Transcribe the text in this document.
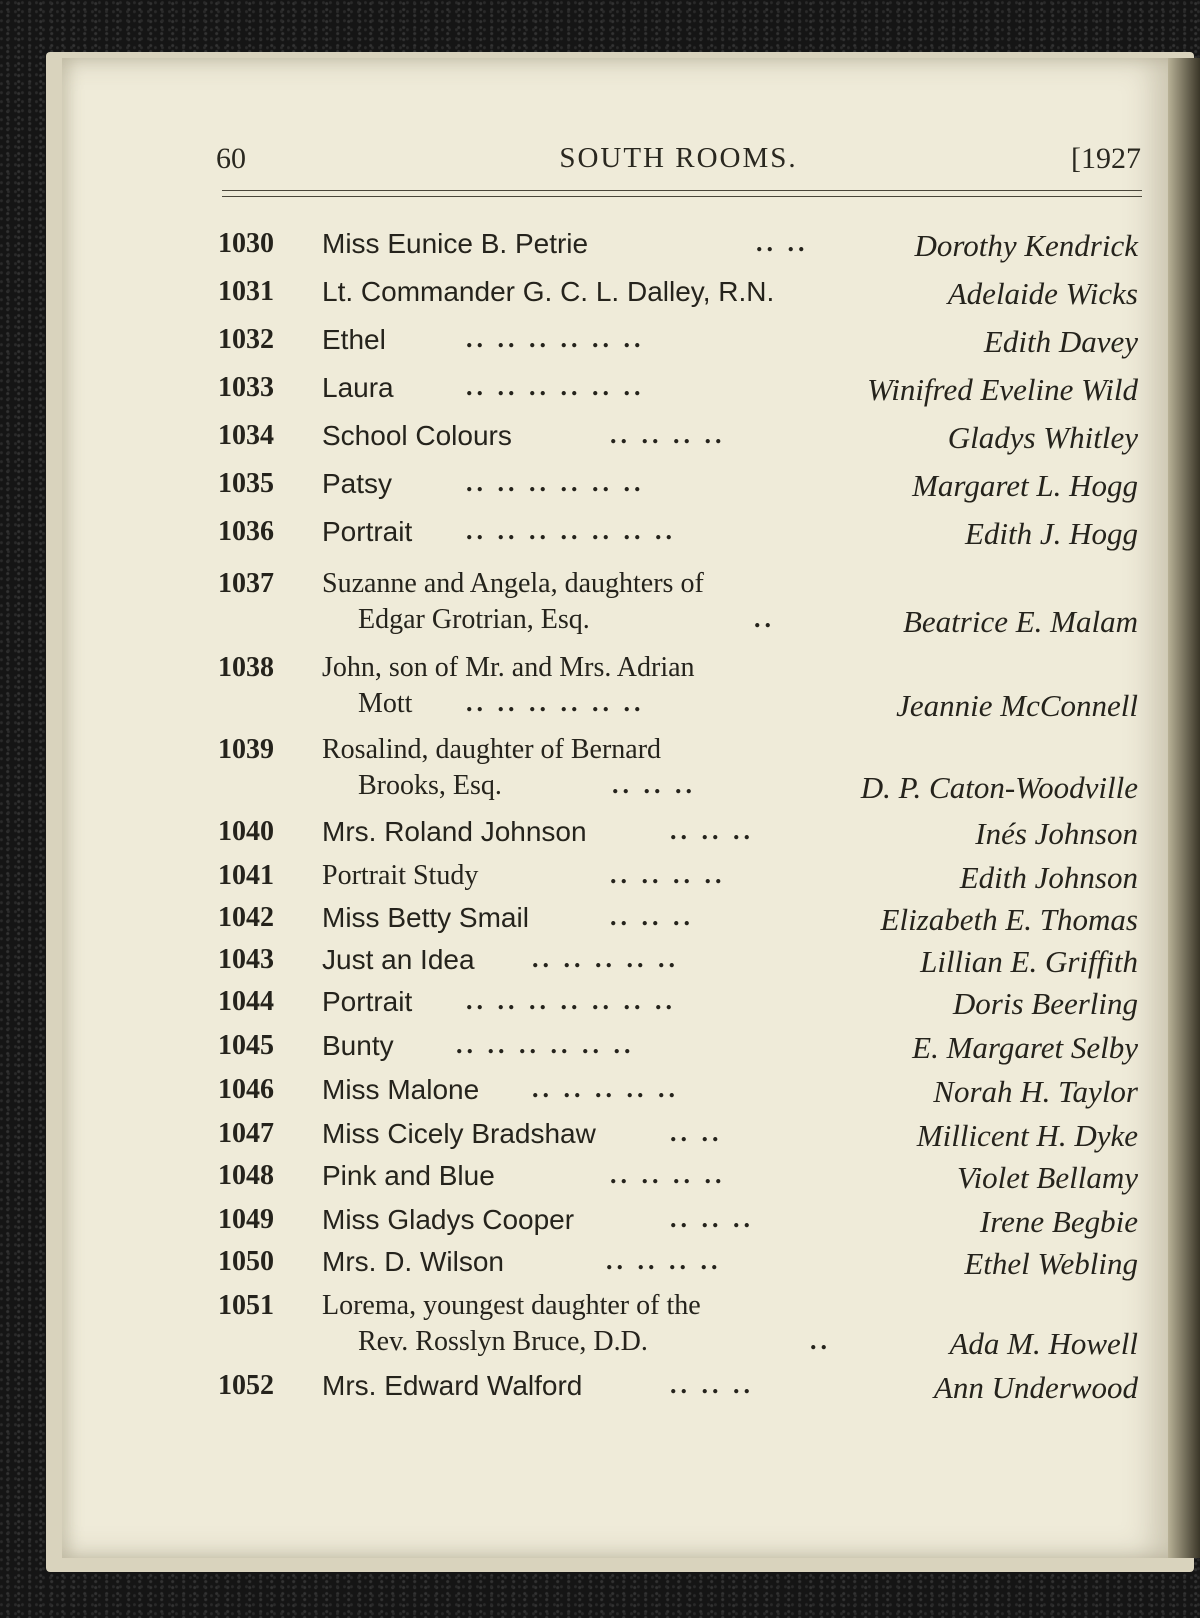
60	SOUTH ROOMS.	[1927
1030 Miss Eunice B. Petrie	.. ..	Dorothy Kendrick
1031 Lt. Commander G. C. L. Dalley, R.N.	Adelaide Wicks
1032 Ethel	.. .. .. .. .. ..	Edith Davey
1033 Laura	.. .. .. .. .. ..	Winifred Eveline Wild
1034 School Colours	.. .. .. ..	Gladys Whitley
1035 Patsy	.. .. .. .. .. ..	Margaret L. Hogg
1036 Portrait .. .. .. .. .. .. ..	Edith J. Hogg
1037 Suzanne and Angela, daughters of
Edgar Grotrian, Esq.	..	Beatrice E. Malam
1038 John, son of Mr. and Mrs. Adrian
Mott .. .. .. .. .. ..	Jeannie McConnell
1039 Rosalind, daughter of Bernard
Brooks, Esq.	.. .. ..	D. P. Caton-Woodville
1040 Mrs. Roland Johnson	.. .. ..	Inés Johnson
1041 Portrait Study	.. .. .. ..	Edith Johnson
1042 Miss Betty Smail	.. .. ..	Elizabeth E. Thomas
1043 Just an Idea .. .. .. .. ..	Lillian E. Griffith
1044 Portrait .. .. .. .. .. .. ..	Doris Beerling
1045 Bunty .. .. .. .. .. ..	E. Margaret Selby
1046 Miss Malone .. .. .. .. ..	Norah H. Taylor
1047 Miss Cicely Bradshaw	.. ..	Millicent H. Dyke
1048 Pink and Blue	.. .. .. ..	Violet Bellamy
1049 Miss Gladys Cooper	.. .. ..	Irene Begbie
1050 Mrs. D. Wilson	.. .. .. ..	Ethel Webling
1051 Lorema, youngest daughter of the
Rev. Rosslyn Bruce, D.D.	..	Ada M. Howell
1052 Mrs. Edward Walford	.. .. ..	Ann Underwood
